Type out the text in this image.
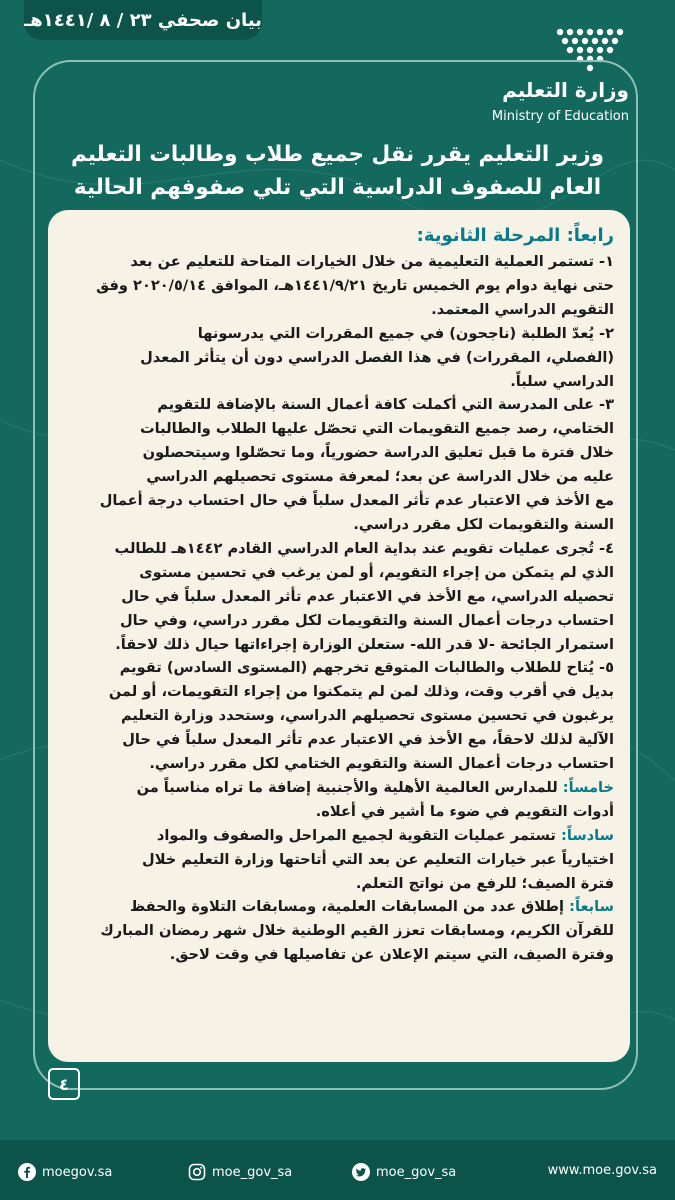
بيان صحفي ٢٣ / ٨ /١٤٤١هـ
وزارة التعليم
Ministry of Education
وزير التعليم يقرر نقل جميع طلاب وطالبات التعليم
العام للصفوف الدراسية التي تلي صفوفهم الحالية
رابعاً: المرحلة الثانوية:
١- تستمر العملية التعليمية من خلال الخيارات المتاحة للتعليم عن بعد
حتى نهاية دوام يوم الخميس تاريخ ١٤٤١/٩/٢١هـ، الموافق ٢٠٢٠/٥/١٤ وفق
التقويم الدراسي المعتمد.
٢- يُعدّ الطلبة (ناجحون) في جميع المقررات التي يدرسونها
(الفصلي، المقررات) في هذا الفصل الدراسي دون أن يتأثر المعدل
الدراسي سلباً.
٣- على المدرسة التي أكملت كافة أعمال السنة بالإضافة للتقويم
الختامي، رصد جميع التقويمات التي تحصّل عليها الطلاب والطالبات
خلال فترة ما قبل تعليق الدراسة حضورياً، وما تحصّلوا وسيتحصلون
عليه من خلال الدراسة عن بعد؛ لمعرفة مستوى تحصيلهم الدراسي
مع الأخذ في الاعتبار عدم تأثر المعدل سلباً في حال احتساب درجة أعمال
السنة والتقويمات لكل مقرر دراسي.
٤- تُجرى عمليات تقويم عند بداية العام الدراسي القادم ١٤٤٢هـ للطالب
الذي لم يتمكن من إجراء التقويم، أو لمن يرغب في تحسين مستوى
تحصيله الدراسي، مع الأخذ في الاعتبار عدم تأثر المعدل سلباً في حال
احتساب درجات أعمال السنة والتقويمات لكل مقرر دراسي، وفي حال
استمرار الجائحة -لا قدر الله- ستعلن الوزارة إجراءاتها حيال ذلك لاحقاً.
٥- يُتاح للطلاب والطالبات المتوقع تخرجهم (المستوى السادس) تقويم
بديل في أقرب وقت، وذلك لمن لم يتمكنوا من إجراء التقويمات، أو لمن
يرغبون في تحسين مستوى تحصيلهم الدراسي، وستحدد وزارة التعليم
الآلية لذلك لاحقاً، مع الأخذ في الاعتبار عدم تأثر المعدل سلباً في حال
احتساب درجات أعمال السنة والتقويم الختامي لكل مقرر دراسي.
خامساً: للمدارس العالمية الأهلية والأجنبية إضافة ما تراه مناسباً من
أدوات التقويم في ضوء ما أشير في أعلاه.
سادساً: تستمر عمليات التقوية لجميع المراحل والصفوف والمواد
اختيارياً عبر خيارات التعليم عن بعد التي أتاحتها وزارة التعليم خلال
فترة الصيف؛ للرفع من نواتج التعلم.
سابعاً: إطلاق عدد من المسابقات العلمية، ومسابقات التلاوة والحفظ
للقرآن الكريم، ومسابقات تعزز القيم الوطنية خلال شهر رمضان المبارك
وفترة الصيف، التي سيتم الإعلان عن تفاصيلها في وقت لاحق.
٤
moegov.sa	moe_gov_sa	moe_gov_sa	www.moe.gov.sa
